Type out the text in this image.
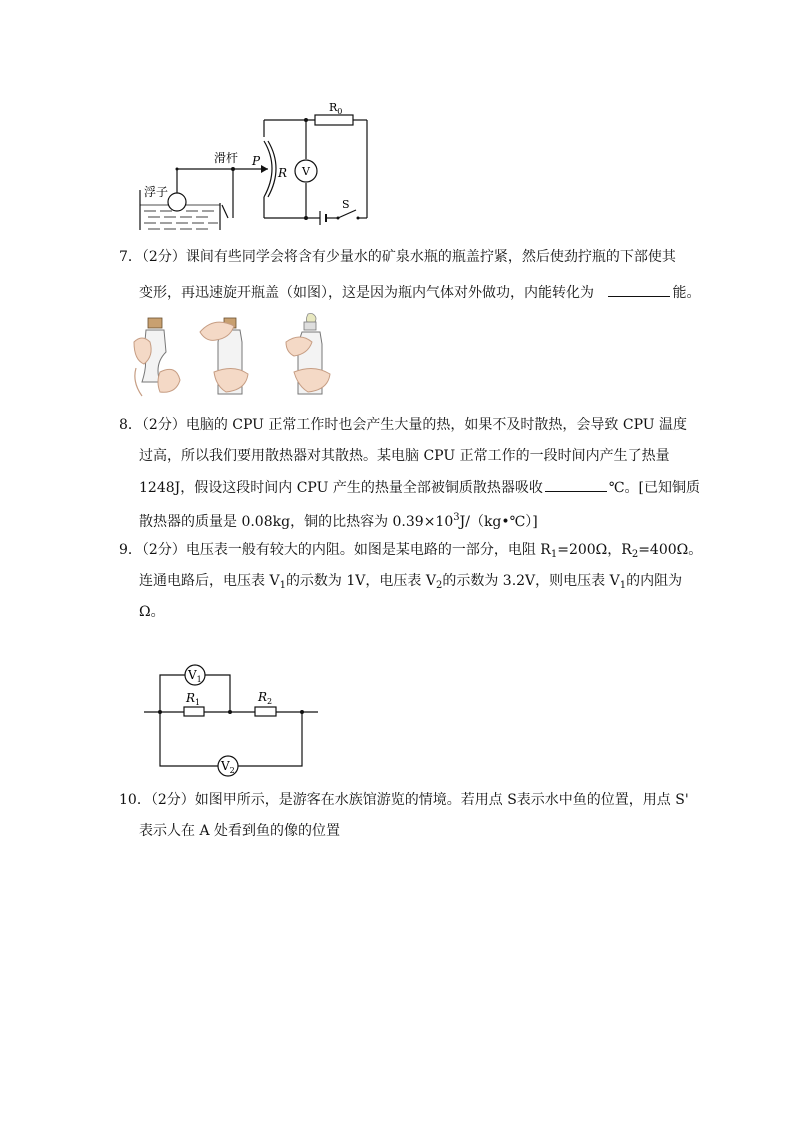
$R_0$
滑杆 P
R V
S
浮子
7．（2分）课间有些同学会将含有少量水的矿泉水瓶的瓶盖拧紧，然后使劲拧瓶的下部使其
变形，再迅速旋开瓶盖（如图），这是因为瓶内气体对外做功，内能转化为	能。
8．（2分）电脑的 CPU 正常工作时也会产生大量的热，如果不及时散热，会导致 CPU 温度
过高，所以我们要用散热器对其散热。某电脑 CPU 正常工作的一段时间内产生了热量
1248J，假设这段时间内 CPU 产生的热量全部被铜质散热器吸收	℃。[已知铜质
散热器的质量是 0.08kg，铜的比热容为 $0.39\times 10^3J/(kg•℃)$]
9．（2分）电压表一般有较大的内阻。如图是某电路的一部分，电阻 $R_1=200\Omega$，$R_2=400\Omega$。
连通电路后，电压表 $V_1$的示数为 1V，电压表 $V_2$的示数为 3.2V，则电压表 $V_1$的内阻为
Ω。
$V_1$
$R_1$	$R_2$
$V_2$
10．（2分）如图甲所示，是游客在水族馆游览的情境。若用点 S表示水中鱼的位置，用点 S'
表示人在 A 处看到鱼的像的位置
